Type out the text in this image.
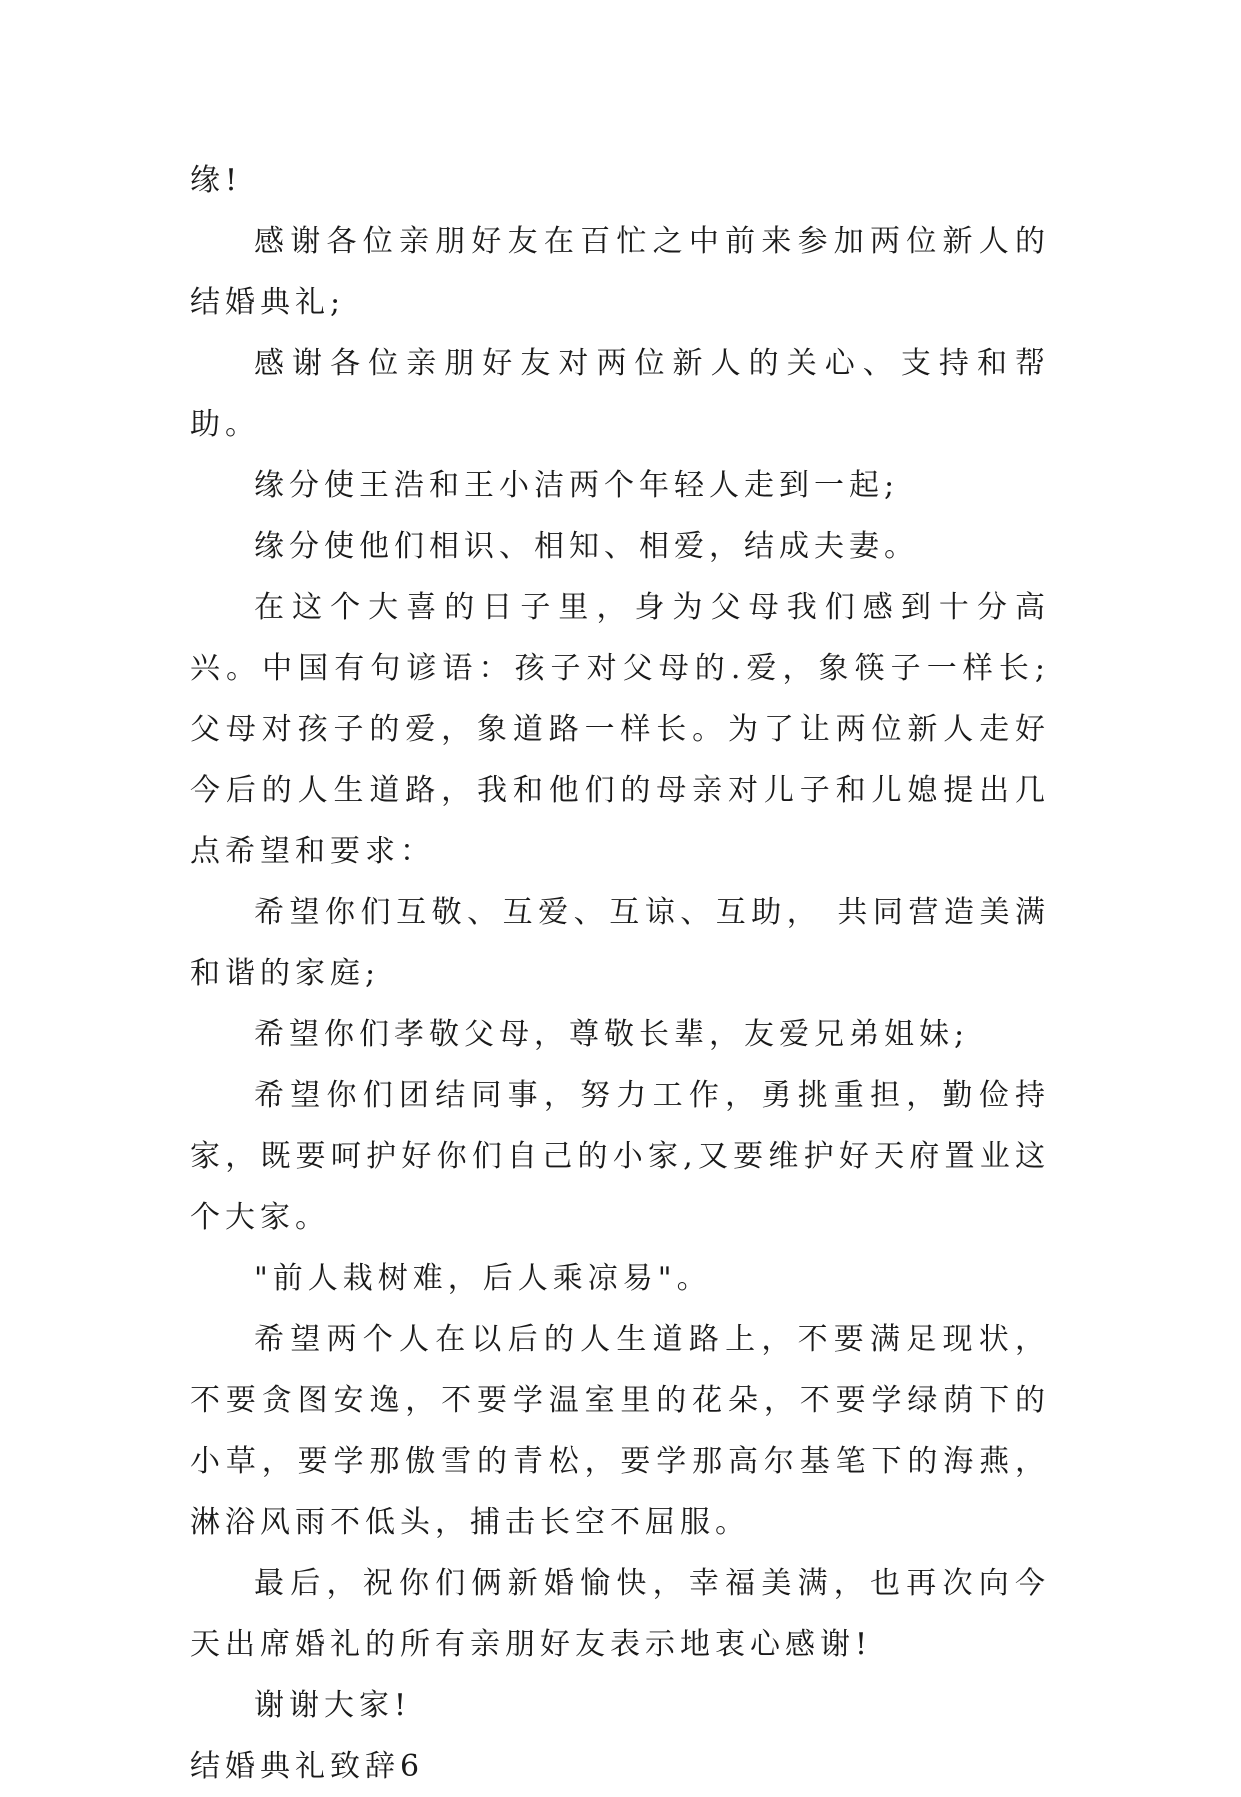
缘!

感谢各位亲朋好友在百忙之中前来参加两位新人的结婚典礼;

感谢各位亲朋好友对两位新人的关心、支持和帮助。

缘分使王浩和王小洁两个年轻人走到一起;

缘分使他们相识、相知、相爱，结成夫妻。

在这个大喜的日子里，身为父母我们感到十分高兴。中国有句谚语：孩子对父母的.爱，象筷子一样长;父母对孩子的爱，象道路一样长。为了让两位新人走好今后的人生道路，我和他们的母亲对儿子和儿媳提出几点希望和要求：

希望你们互敬、互爱、互谅、互助， 共同营造美满和谐的家庭;

希望你们孝敬父母，尊敬长辈，友爱兄弟姐妹;

希望你们团结同事，努力工作，勇挑重担，勤俭持家，既要呵护好你们自己的小家,又要维护好天府置业这个大家。

"前人栽树难，后人乘凉易"。

希望两个人在以后的人生道路上，不要满足现状，不要贪图安逸，不要学温室里的花朵，不要学绿荫下的小草，要学那傲雪的青松，要学那高尔基笔下的海燕，淋浴风雨不低头，捕击长空不屈服。

最后，祝你们俩新婚愉快，幸福美满，也再次向今天出席婚礼的所有亲朋好友表示地衷心感谢!

谢谢大家!

结婚典礼致辞6
